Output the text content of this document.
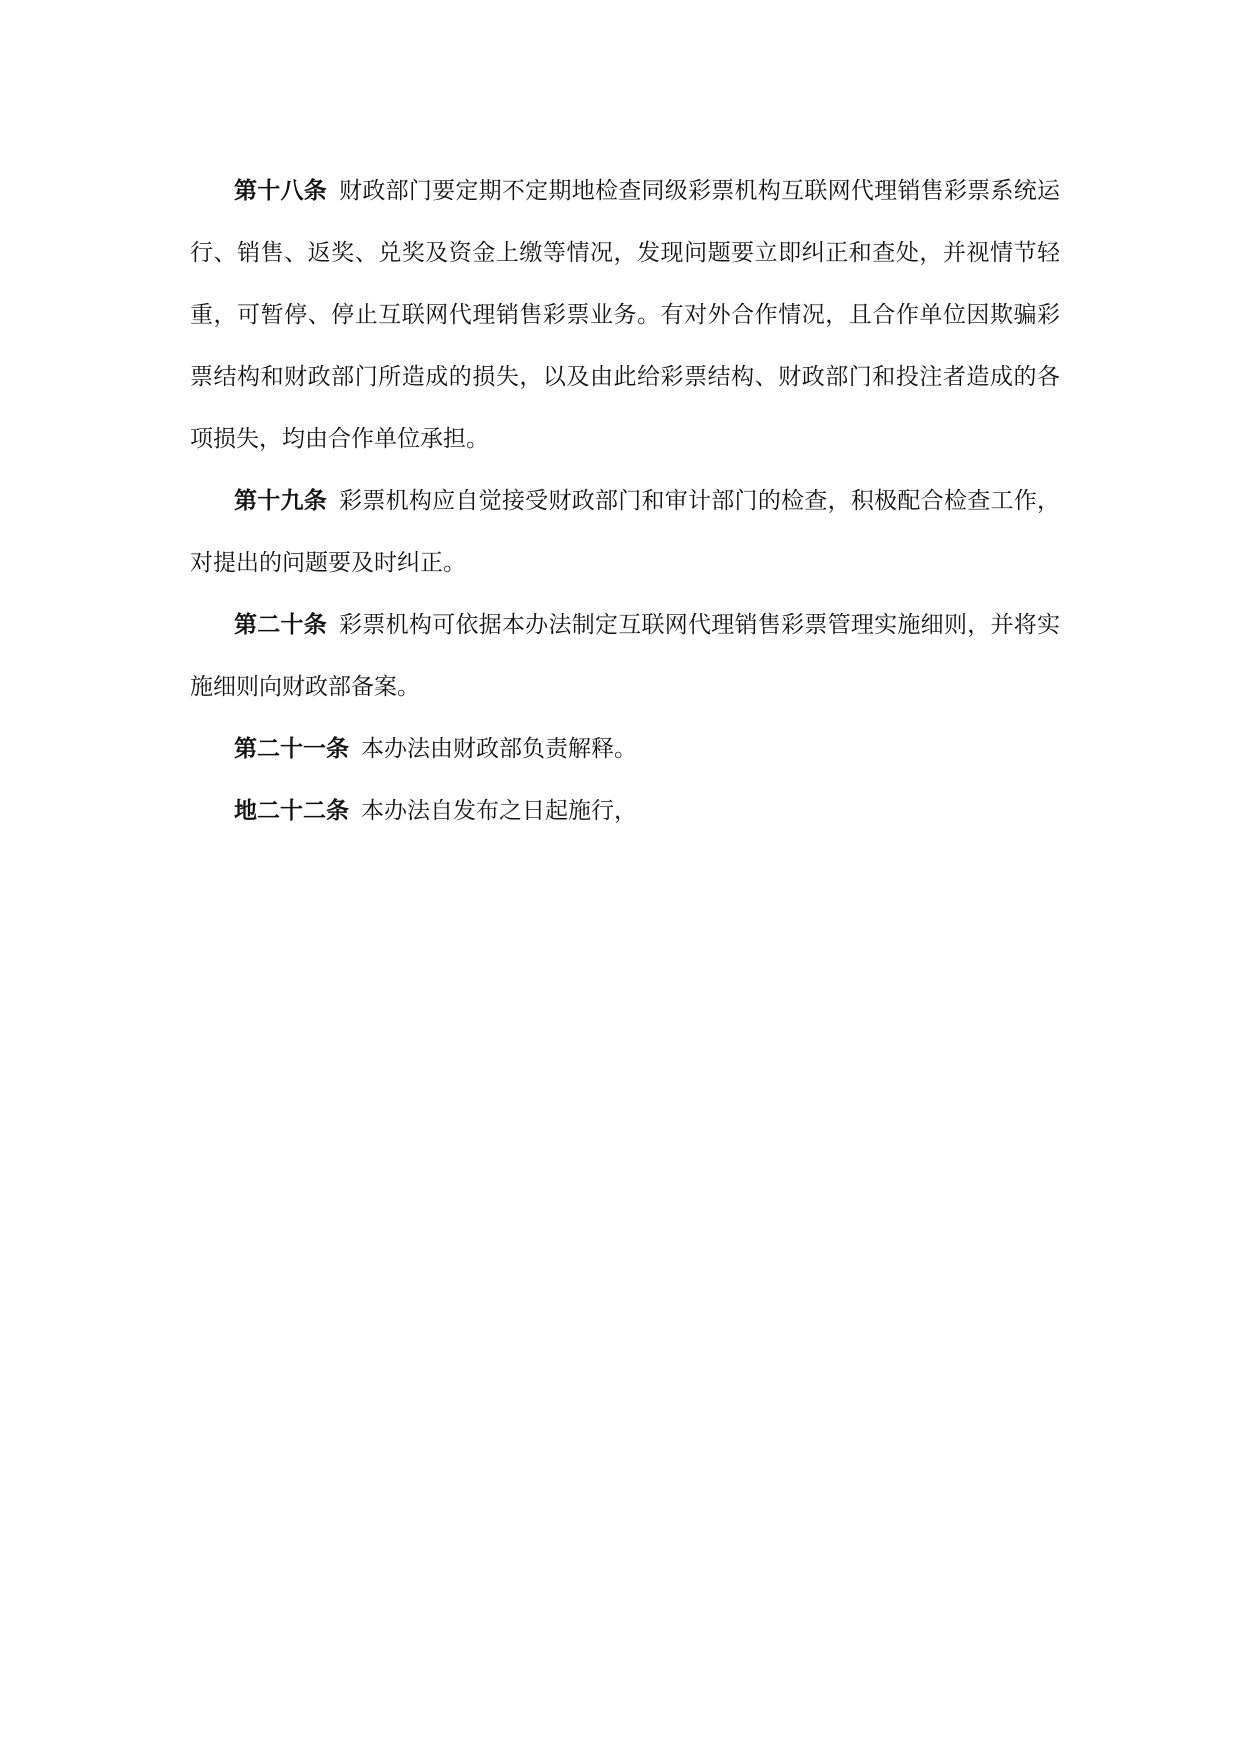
第十八条 财政部门要定期不定期地检查同级彩票机构互联网代理销售彩票系统运行、销售、返奖、兑奖及资金上缴等情况，发现问题要立即纠正和查处，并视情节轻重，可暂停、停止互联网代理销售彩票业务。有对外合作情况，且合作单位因欺骗彩票结构和财政部门所造成的损失，以及由此给彩票结构、财政部门和投注者造成的各项损失，均由合作单位承担。

第十九条 彩票机构应自觉接受财政部门和审计部门的检查，积极配合检查工作，对提出的问题要及时纠正。

第二十条 彩票机构可依据本办法制定互联网代理销售彩票管理实施细则，并将实施细则向财政部备案。

第二十一条 本办法由财政部负责解释。

地二十二条 本办法自发布之日起施行，
